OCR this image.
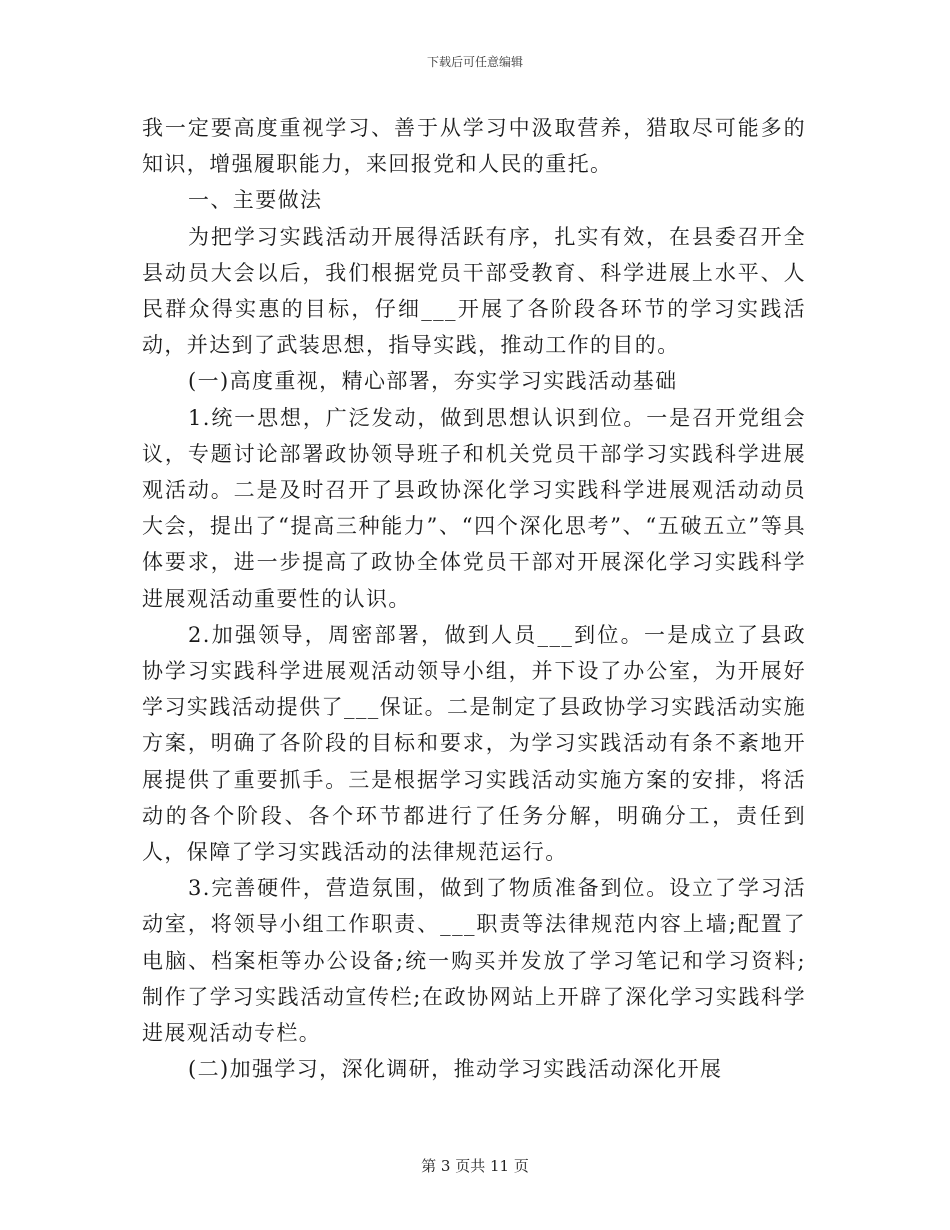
下载后可任意编辑

我一定要高度重视学习、善于从学习中汲取营养，猎取尽可能多的知识，增强履职能力，来回报党和人民的重托。

一、主要做法

为把学习实践活动开展得活跃有序，扎实有效，在县委召开全县动员大会以后，我们根据党员干部受教育、科学进展上水平、人民群众得实惠的目标，仔细___开展了各阶段各环节的学习实践活动，并达到了武装思想，指导实践，推动工作的目的。

(一)高度重视，精心部署，夯实学习实践活动基础

1.统一思想，广泛发动，做到思想认识到位。一是召开党组会议，专题讨论部署政协领导班子和机关党员干部学习实践科学进展观活动。二是及时召开了县政协深化学习实践科学进展观活动动员大会，提出了“提高三种能力”、“四个深化思考”、“五破五立”等具体要求，进一步提高了政协全体党员干部对开展深化学习实践科学进展观活动重要性的认识。

2.加强领导，周密部署，做到人员___到位。一是成立了县政协学习实践科学进展观活动领导小组，并下设了办公室，为开展好学习实践活动提供了___保证。二是制定了县政协学习实践活动实施方案，明确了各阶段的目标和要求，为学习实践活动有条不紊地开展提供了重要抓手。三是根据学习实践活动实施方案的安排，将活动的各个阶段、各个环节都进行了任务分解，明确分工，责任到人，保障了学习实践活动的法律规范运行。

3.完善硬件，营造氛围，做到了物质准备到位。设立了学习活动室，将领导小组工作职责、___职责等法律规范内容上墙;配置了电脑、档案柜等办公设备;统一购买并发放了学习笔记和学习资料;制作了学习实践活动宣传栏;在政协网站上开辟了深化学习实践科学进展观活动专栏。

(二)加强学习，深化调研，推动学习实践活动深化开展

第 3 页共 11 页
